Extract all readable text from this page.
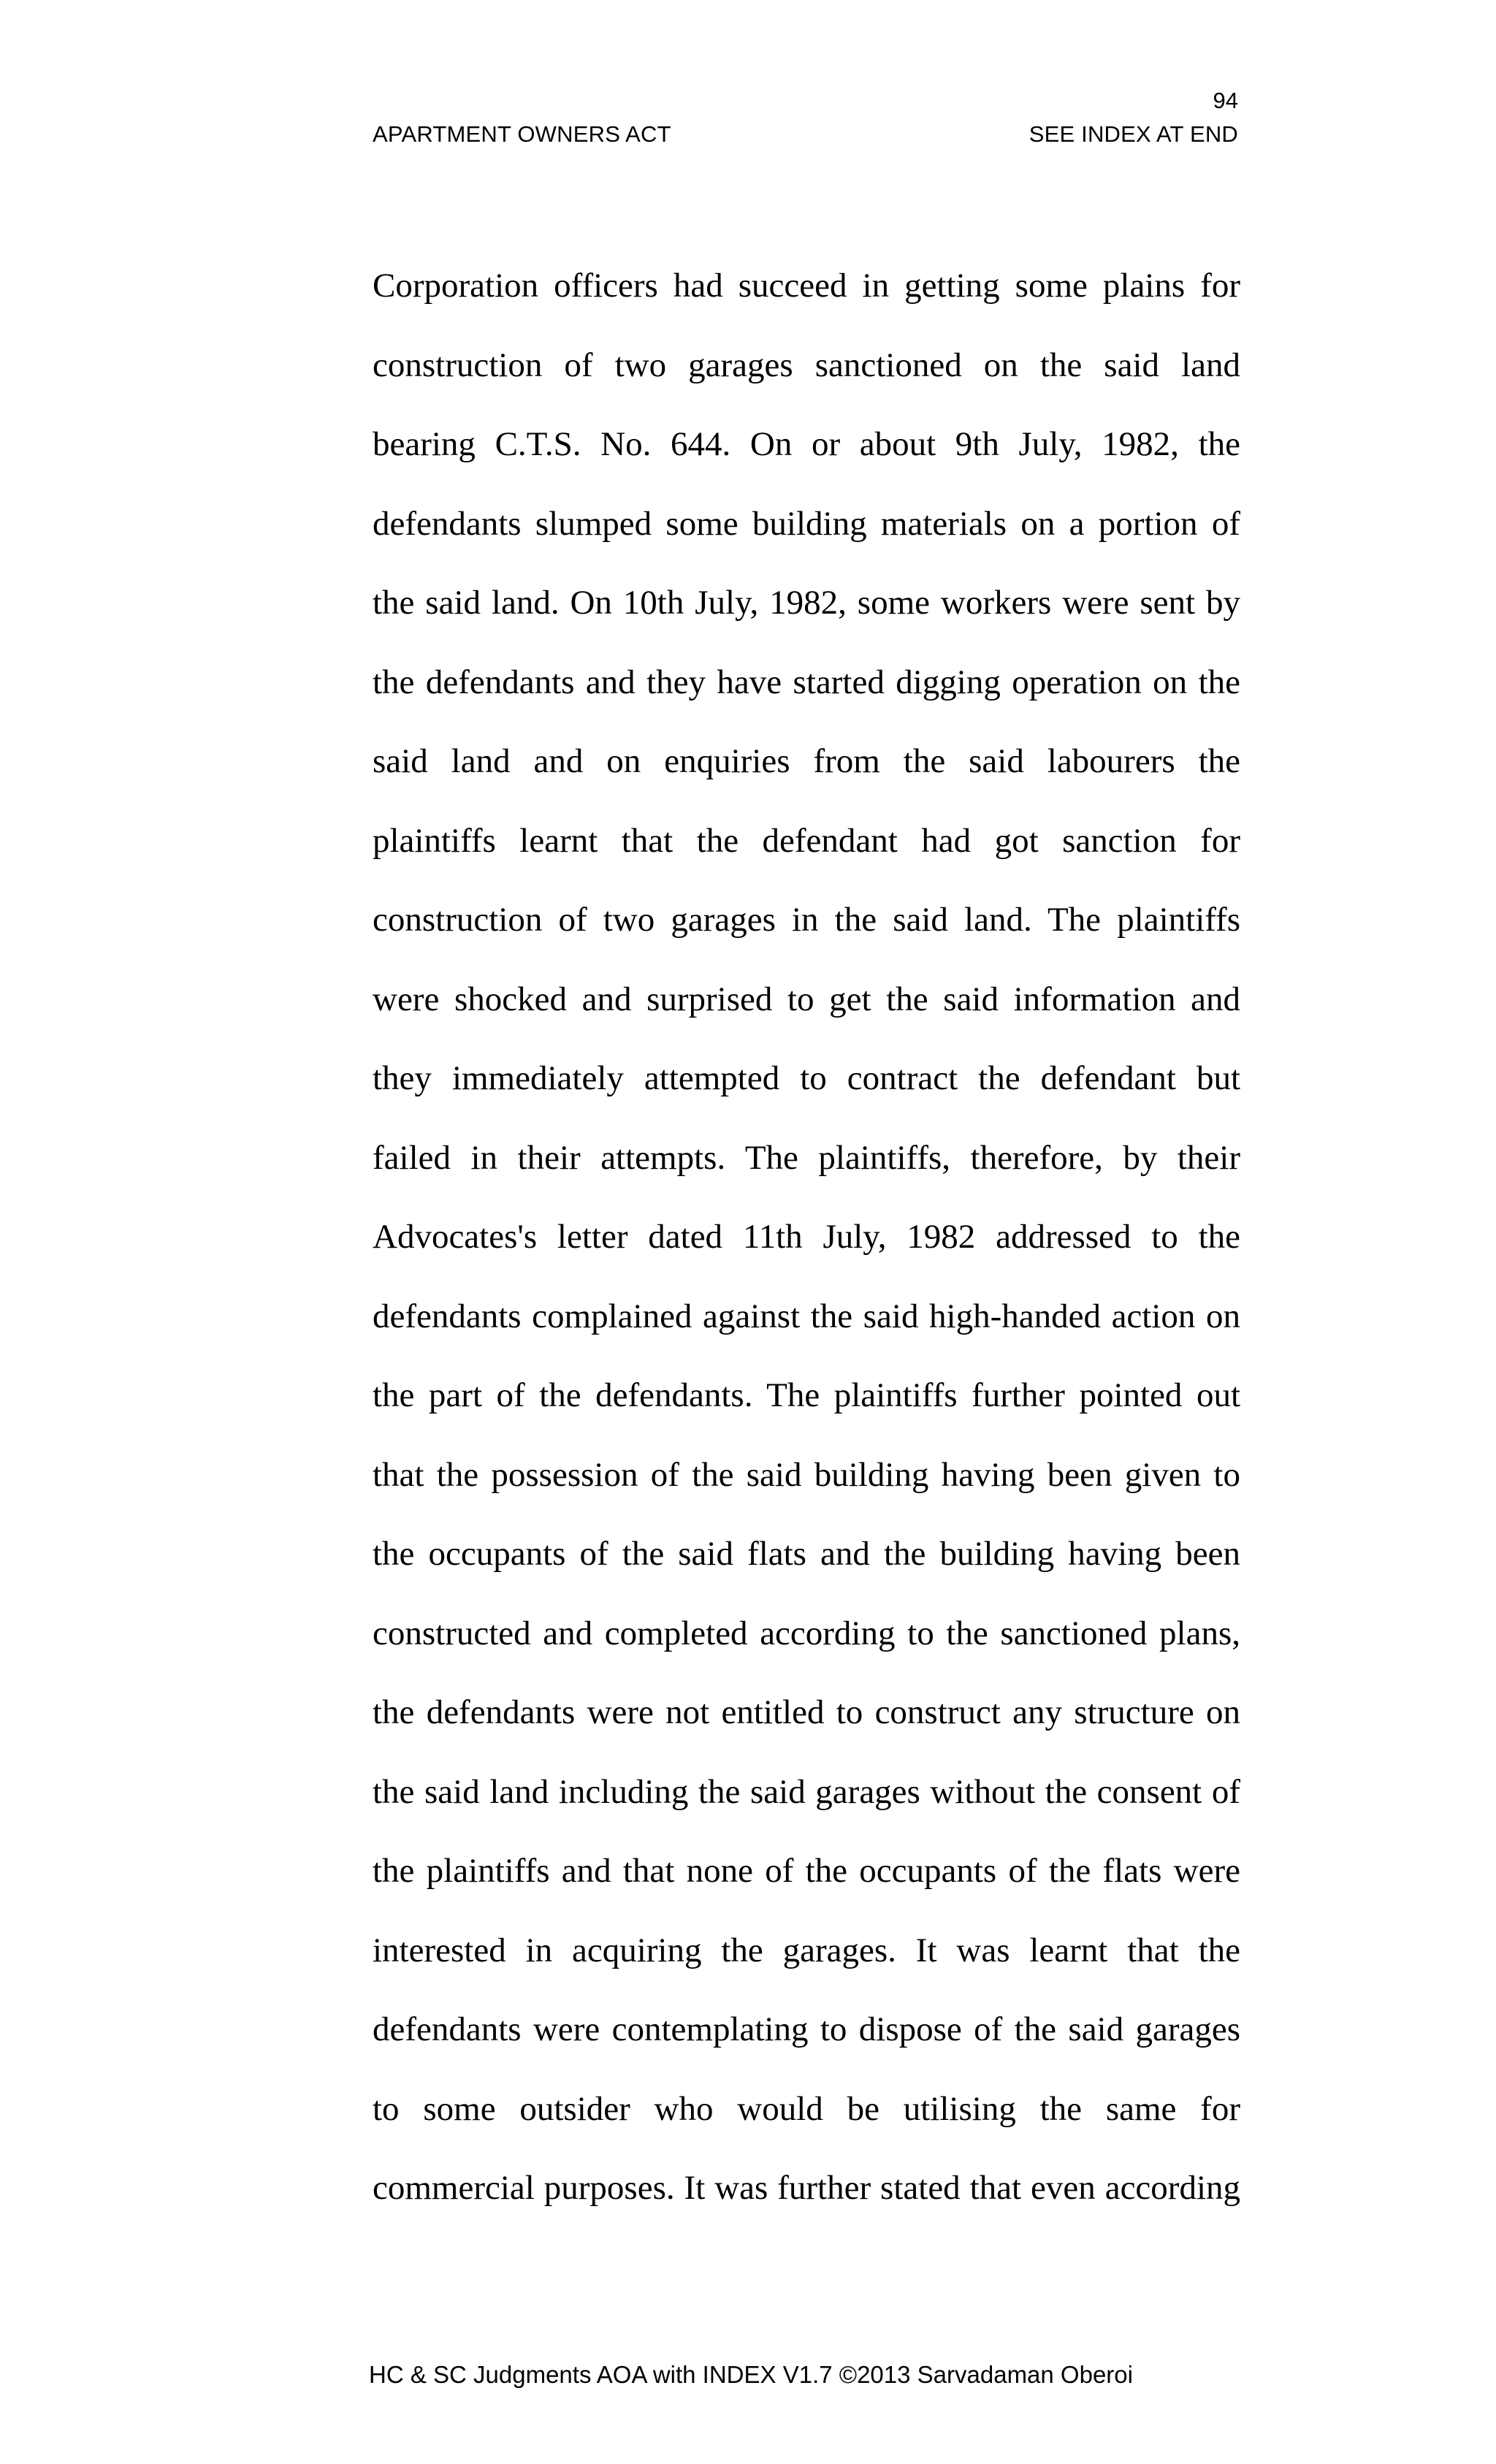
94
APARTMENT OWNERS ACT	SEE INDEX AT END
Corporation officers had succeed in getting some plains for
construction of two garages sanctioned on the said land
bearing C.T.S. No. 644. On or about 9th July, 1982, the
defendants slumped some building materials on a portion of
the said land. On 10th July, 1982, some workers were sent by
the defendants and they have started digging operation on the
said land and on enquiries from the said labourers the
plaintiffs learnt that the defendant had got sanction for
construction of two garages in the said land. The plaintiffs
were shocked and surprised to get the said information and
they immediately attempted to contract the defendant but
failed in their attempts. The plaintiffs, therefore, by their
Advocates's letter dated 11th July, 1982 addressed to the
defendants complained against the said high-handed action on
the part of the defendants. The plaintiffs further pointed out
that the possession of the said building having been given to
the occupants of the said flats and the building having been
constructed and completed according to the sanctioned plans,
the defendants were not entitled to construct any structure on
the said land including the said garages without the consent of
the plaintiffs and that none of the occupants of the flats were
interested in acquiring the garages. It was learnt that the
defendants were contemplating to dispose of the said garages
to some outsider who would be utilising the same for
commercial purposes. It was further stated that even according
HC & SC Judgments AOA with INDEX V1.7 ©2013 Sarvadaman Oberoi
